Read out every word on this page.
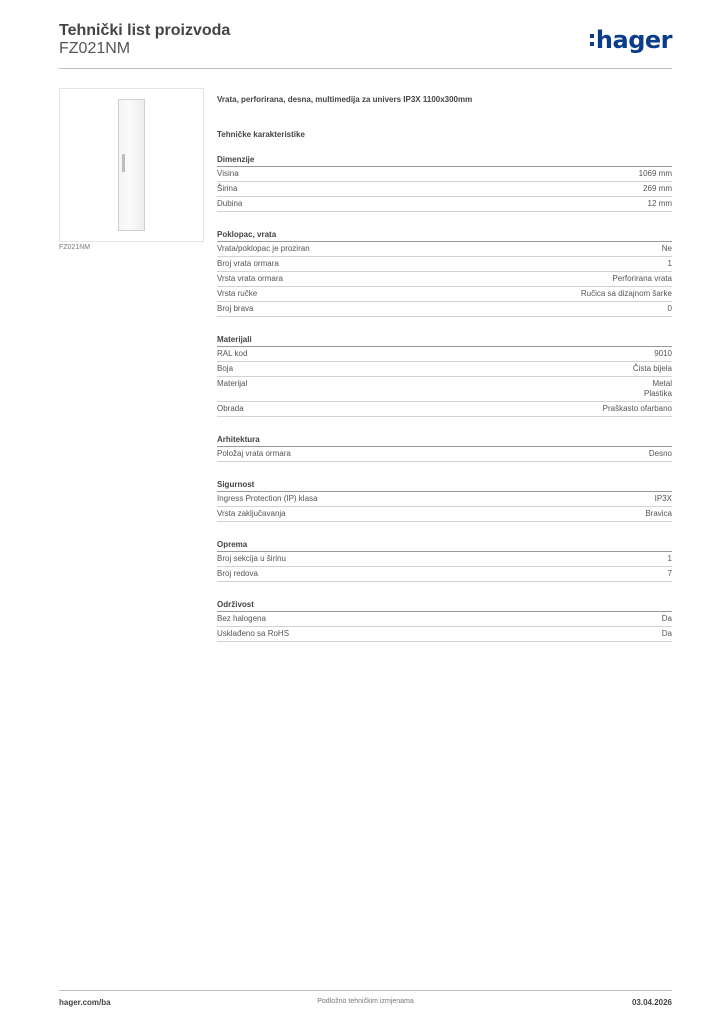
Tehnički list proizvoda
FZ021NM	hager
FZ021NM
Vrata, perforirana, desna, multimedija za univers IP3X 1100x300mm
Tehničke karakteristike
Dimenzije
Visina	1069 mm
Širina	269 mm
Dubina	12 mm
Poklopac, vrata
Vrata/poklopac je proziran	Ne
Broj vrata ormara	1
Vrsta vrata ormara	Perforirana vrata
Vrsta ručke	Ručica sa dizajnom šarke
Broj brava	0
Materijali
RAL kod	9010
Boja	Čista bijela
Materijal	Metal
Plastika
Obrada	Praškasto ofarbano
Arhitektura
Položaj vrata ormara	Desno
Sigurnost
Ingress Protection (IP) klasa	IP3X
Vrsta zaključavanja	Bravica
Oprema
Broj sekcija u širinu	1
Broj redova	7
Održivost
Bez halogena	Da
Usklađeno sa RoHS	Da
hager.com/ba	Podložno tehničkim izmjenama	03.04.2026
